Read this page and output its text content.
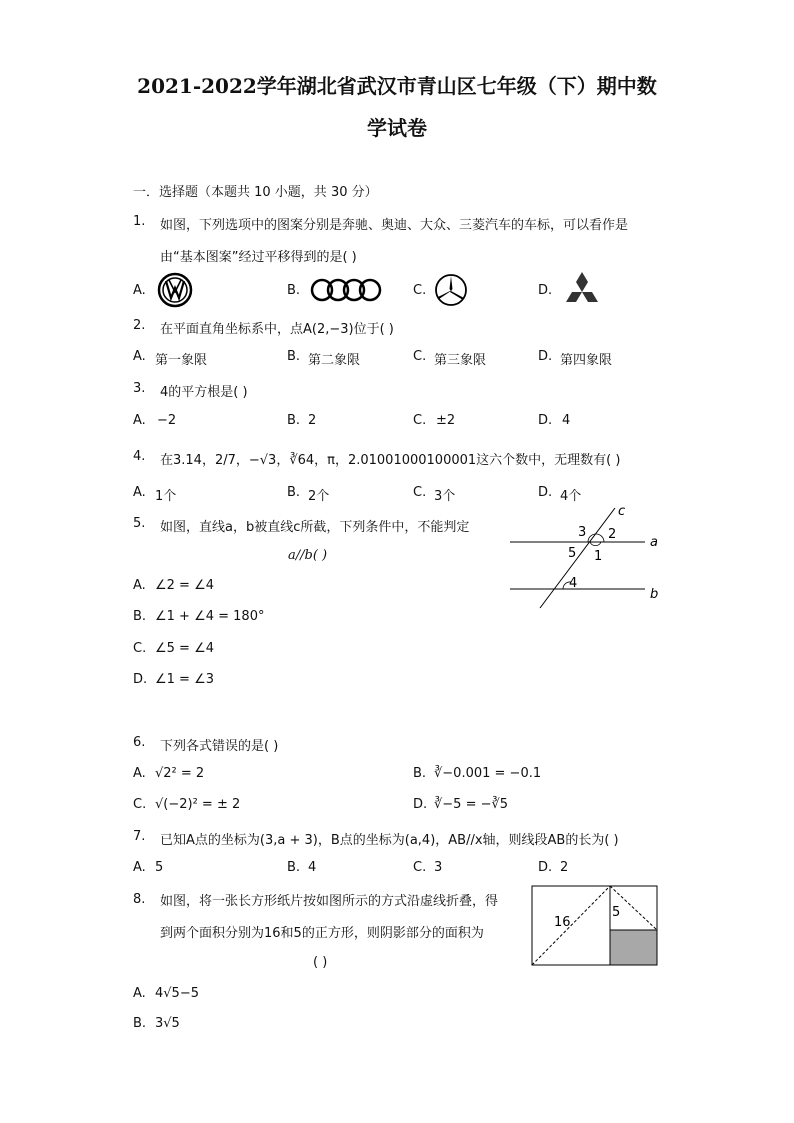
2021-2022学年湖北省武汉市青山区七年级（下）期中数
学试卷
一．选择题（本题共 10 小题，共 30 分）
1. 如图，下列选项中的图案分别是奔驰、奥迪、大众、三菱汽车的车标，可以看作是
由“基本图案”经过平移得到的是( )
A.	B.	C.	D.
2. 在平面直角坐标系中，点A(2,−3)位于( )
A. 第一象限	B. 第二象限	C. 第三象限	D. 第四象限
3. 4的平方根是( )
A. −2	B. 2	C. ±2	D. 4
4. 在3.14，2/7，−√3，∛64，π，2.01001000100001这六个数中，无理数有( )
A. 1个	B. 2个	C. 3个	D. 4个
5. 如图，直线a，b被直线c所截，下列条件中，不能判定
a//b( )
A. ∠2 = ∠4
B. ∠1 + ∠4 = 180°
C. ∠5 = ∠4
D. ∠1 = ∠3
c
3 2
a
5 1
4
b
6. 下列各式错误的是( )
A. √2² = 2	B. ∛−0.001 = −0.1
C. √(−2)² = ± 2	D. ∛−5 = −∛5
7. 已知A点的坐标为(3,a + 3)，B点的坐标为(a,4)，AB//x轴，则线段AB的长为( )
A. 5	B. 4	C. 3	D. 2
8. 如图，将一张长方形纸片按如图所示的方式沿虚线折叠，得
到两个面积分别为16和5的正方形，则阴影部分的面积为
( )
A. 4√5−5
B. 3√5
16
5
